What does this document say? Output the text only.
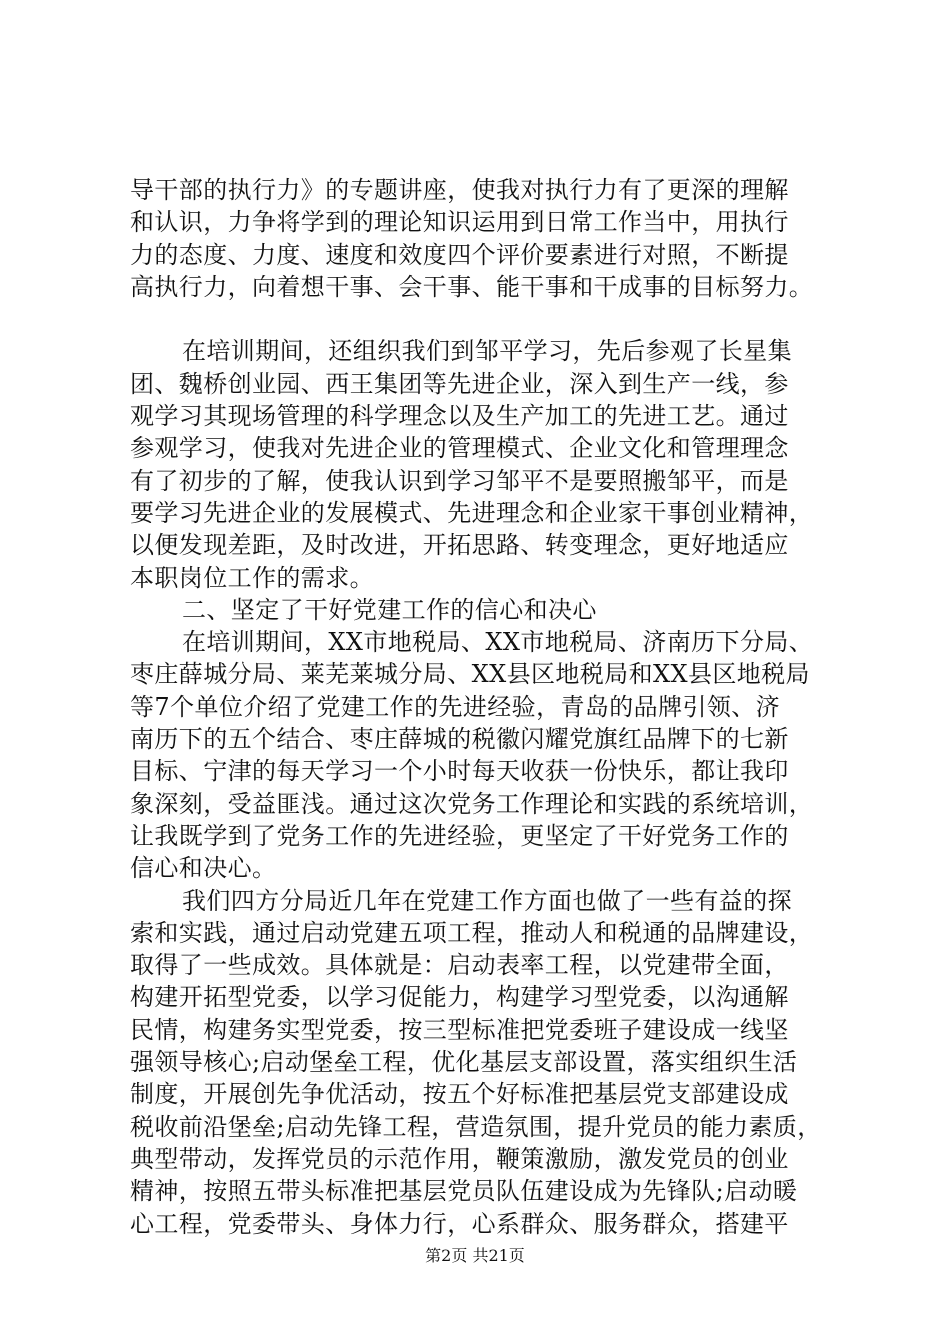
导干部的执行力》的专题讲座，使我对执行力有了更深的理解
和认识，力争将学到的理论知识运用到日常工作当中，用执行
力的态度、力度、速度和效度四个评价要素进行对照，不断提
高执行力，向着想干事、会干事、能干事和干成事的目标努力。
在培训期间，还组织我们到邹平学习，先后参观了长星集
团、魏桥创业园、西王集团等先进企业，深入到生产一线，参
观学习其现场管理的科学理念以及生产加工的先进工艺。通过
参观学习，使我对先进企业的管理模式、企业文化和管理理念
有了初步的了解，使我认识到学习邹平不是要照搬邹平，而是
要学习先进企业的发展模式、先进理念和企业家干事创业精神，
以便发现差距，及时改进，开拓思路、转变理念，更好地适应
本职岗位工作的需求。
二、坚定了干好党建工作的信心和决心
在培训期间，XX市地税局、XX市地税局、济南历下分局、
枣庄薛城分局、莱芜莱城分局、XX县区地税局和XX县区地税局
等7个单位介绍了党建工作的先进经验，青岛的品牌引领、济
南历下的五个结合、枣庄薛城的税徽闪耀党旗红品牌下的七新
目标、宁津的每天学习一个小时每天收获一份快乐，都让我印
象深刻，受益匪浅。通过这次党务工作理论和实践的系统培训，
让我既学到了党务工作的先进经验，更坚定了干好党务工作的
信心和决心。
我们四方分局近几年在党建工作方面也做了一些有益的探
索和实践，通过启动党建五项工程，推动人和税通的品牌建设，
取得了一些成效。具体就是：启动表率工程，以党建带全面，
构建开拓型党委，以学习促能力，构建学习型党委，以沟通解
民情，构建务实型党委，按三型标准把党委班子建设成一线坚
强领导核心;启动堡垒工程，优化基层支部设置，落实组织生活
制度，开展创先争优活动，按五个好标准把基层党支部建设成
税收前沿堡垒;启动先锋工程，营造氛围，提升党员的能力素质，
典型带动，发挥党员的示范作用，鞭策激励，激发党员的创业
精神，按照五带头标准把基层党员队伍建设成为先锋队;启动暖
心工程，党委带头、身体力行，心系群众、服务群众，搭建平
第2页 共21页
